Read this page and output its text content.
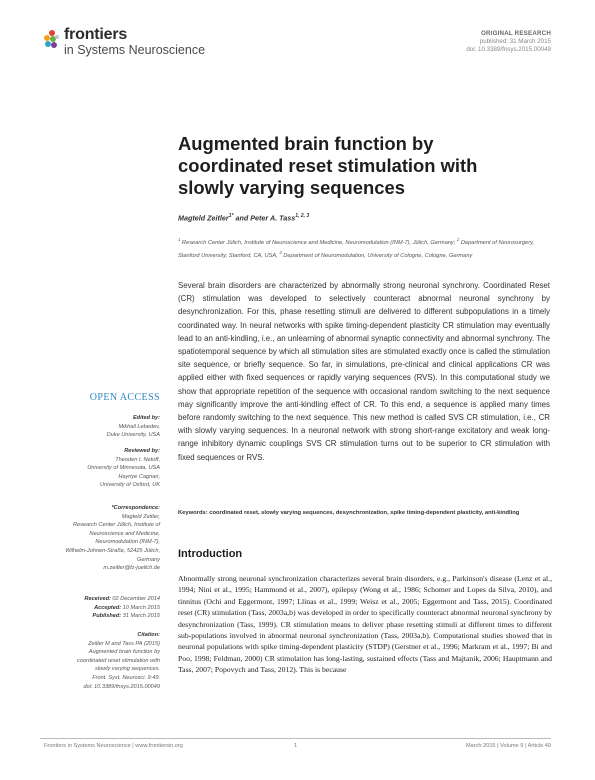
frontiers
in Systems Neuroscience
ORIGINAL RESEARCH
published: 31 March 2015
doi: 10.3389/fnsys.2015.00049
Augmented brain function by
coordinated reset stimulation with
slowly varying sequences
Magteld Zeitler$^{1*}$ and Peter A. Tass$^{1, 2, 3}$
$^1$ Research Center Jülich, Institute of Neuroscience and Medicine, Neuromodulation (INM-7), Jülich, Germany; $^2$ Department of Neurosurgery, Stanford University, Stanford, CA, USA, $^3$ Department of Neuromodulation, University of Cologne, Cologne, Germany
Several brain disorders are characterized by abnormally strong neuronal synchrony. Coordinated Reset (CR) stimulation was developed to selectively counteract abnormal neuronal synchrony by desynchronization. For this, phase resetting stimuli are delivered to different subpopulations in a timely coordinated way. In neural networks with spike timing-dependent plasticity CR stimulation may eventually lead to an anti-kindling, i.e., an unlearning of abnormal synaptic connectivity and abnormal synchrony. The spatiotemporal sequence by which all stimulation sites are stimulated exactly once is called the stimulation site sequence, or briefly sequence. So far, in simulations, pre-clinical and clinical applications CR was applied either with fixed sequences or rapidly varying sequences (RVS). In this computational study we show that appropriate repetition of the sequence with occasional random switching to the next sequence may significantly improve the anti-kindling effect of CR. To this end, a sequence is applied many times before randomly switching to the next sequence. This new method is called SVS CR stimulation, i.e., CR with slowly varying sequences. In a neuronal network with strong short-range excitatory and weak long-range inhibitory dynamic couplings SVS CR stimulation turns out to be superior to CR stimulation with fixed sequences or RVS.
Keywords: coordinated reset, slowly varying sequences, desynchronization, spike timing-dependent plasticity, anti-kindling
OPEN ACCESS
Edited by:
Mikhail Lebedev,
Duke University, USA
Reviewed by:
Theoden I. Netoff,
University of Minnesota, USA
Hayriye Cagnan,
University of Oxford, UK
*Correspondence:
Magteld Zeitler,
Research Center Jülich, Institute of
Neuroscience and Medicine,
Neuromodulation (INM-7),
Wilhelm-Johnen-Straße, 52425 Jülich,
Germany
m.zeitler@fz-juelich.de
Received: 02 December 2014
Accepted: 10 March 2015
Published: 31 March 2015
Citation:
Zeitler M and Tass PA (2015)
Augmented brain function by
coordinated reset stimulation with
slowly varying sequences.
Front. Syst. Neurosci. 9:49.
doi: 10.3389/fnsys.2015.00049
Introduction
Abnormally strong neuronal synchronization characterizes several brain disorders, e.g., Parkinson's disease (Lenz et al., 1994; Nini et al., 1995; Hammond et al., 2007), epilepsy (Wong et al., 1986; Schomer and Lopes da Silva, 2010), and tinnitus (Ochi and Eggermont, 1997; Llinas et al., 1999; Weisz et al., 2005; Eggermont and Tass, 2015). Coordinated reset (CR) stimulation (Tass, 2003a,b) was developed in order to specifically counteract abnormal neuronal synchrony by desynchronization (Tass, 1999). CR stimulation means to deliver phase resetting stimuli at different times to different sub-populations involved in abnormal neuronal synchronization (Tass, 2003a,b). Computational studies showed that in neuronal populations with spike timing-dependent plasticity (STDP) (Gerstner et al., 1996; Markram et al., 1997; Bi and Poo, 1998; Feldman, 2000) CR stimulation has long-lasting, sustained effects (Tass and Majtanik, 2006; Hauptmann and Tass, 2007; Popovych and Tass, 2012). This is because
Frontiers in Systems Neuroscience | www.frontiersin.org	1	March 2015 | Volume 9 | Article 49
